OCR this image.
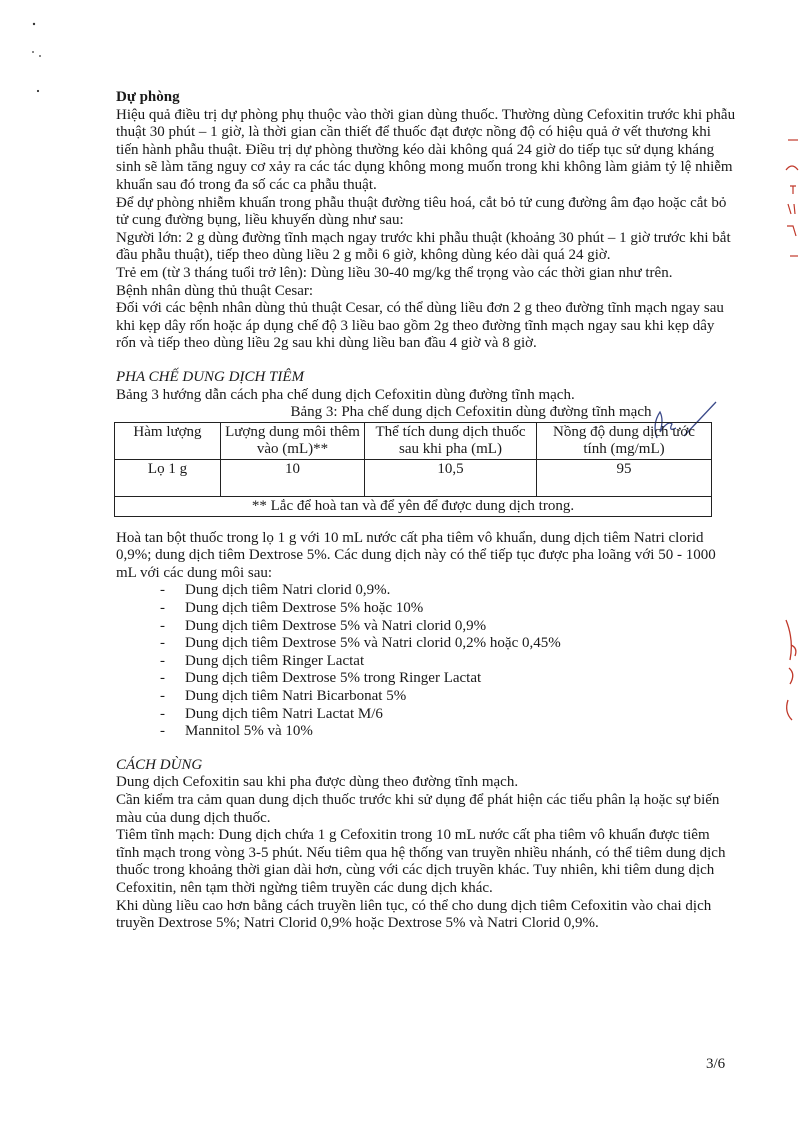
Dự phòng

Hiệu quả điều trị dự phòng phụ thuộc vào thời gian dùng thuốc. Thường dùng Cefoxitin trước khi phẫu thuật 30 phút – 1 giờ, là thời gian cần thiết để thuốc đạt được nồng độ có hiệu quả ở vết thương khi tiến hành phẫu thuật. Điều trị dự phòng thường kéo dài không quá 24 giờ do tiếp tục sử dụng kháng sinh sẽ làm tăng nguy cơ xảy ra các tác dụng không mong muốn trong khi không làm giảm tỷ lệ nhiễm khuẩn sau đó trong đa số các ca phẫu thuật.

Để dự phòng nhiễm khuẩn trong phẫu thuật đường tiêu hoá, cắt bỏ tử cung đường âm đạo hoặc cắt bỏ tử cung đường bụng, liều khuyến dùng như sau:

Người lớn: 2 g dùng đường tĩnh mạch ngay trước khi phẫu thuật (khoảng 30 phút – 1 giờ trước khi bắt đầu phẫu thuật), tiếp theo dùng liều 2 g mỗi 6 giờ, không dùng kéo dài quá 24 giờ.

Trẻ em (từ 3 tháng tuổi trở lên): Dùng liều 30-40 mg/kg thể trọng vào các thời gian như trên.

Bệnh nhân dùng thủ thuật Cesar:

Đối với các bệnh nhân dùng thủ thuật Cesar, có thể dùng liều đơn 2 g theo đường tĩnh mạch ngay sau khi kẹp dây rốn hoặc áp dụng chế độ 3 liều bao gồm 2g theo đường tĩnh mạch ngay sau khi kẹp dây rốn và tiếp theo dùng liều 2g sau khi dùng liều ban đầu 4 giờ và 8 giờ.

PHA CHẾ DUNG DỊCH TIÊM

Bảng 3 hướng dẫn cách pha chế dung dịch Cefoxitin dùng đường tĩnh mạch.

Bảng 3: Pha chế dung dịch Cefoxitin dùng đường tĩnh mạch

Hàm lượng	Lượng dung môi thêm vào (mL)**	Thể tích dung dịch thuốc sau khi pha (mL)	Nồng độ dung dịch ước tính (mg/mL)
Lọ 1 g	10	10,5	95
** Lắc để hoà tan và để yên để được dung dịch trong.			

Hoà tan bột thuốc trong lọ 1 g với 10 mL nước cất pha tiêm vô khuẩn, dung dịch tiêm Natri clorid 0,9%; dung dịch tiêm Dextrose 5%. Các dung dịch này có thể tiếp tục được pha loãng với 50 - 1000 mL với các dung môi sau:

- Dung dịch tiêm Natri clorid 0,9%.
- Dung dịch tiêm Dextrose 5% hoặc 10%
- Dung dịch tiêm Dextrose 5% và Natri clorid 0,9%
- Dung dịch tiêm Dextrose 5% và Natri clorid 0,2% hoặc 0,45%
- Dung dịch tiêm Ringer Lactat
- Dung dịch tiêm Dextrose 5% trong Ringer Lactat
- Dung dịch tiêm Natri Bicarbonat 5%
- Dung dịch tiêm Natri Lactat M/6
- Mannitol 5% và 10%

CÁCH DÙNG

Dung dịch Cefoxitin sau khi pha được dùng theo đường tĩnh mạch.

Cần kiểm tra cảm quan dung dịch thuốc trước khi sử dụng để phát hiện các tiểu phân lạ hoặc sự biến màu của dung dịch thuốc.

Tiêm tĩnh mạch: Dung dịch chứa 1 g Cefoxitin trong 10 mL nước cất pha tiêm vô khuẩn được tiêm tĩnh mạch trong vòng 3-5 phút. Nếu tiêm qua hệ thống van truyền nhiều nhánh, có thể tiêm dung dịch thuốc trong khoảng thời gian dài hơn, cùng với các dịch truyền khác. Tuy nhiên, khi tiêm dung dịch Cefoxitin, nên tạm thời ngừng tiêm truyền các dung dịch khác.

Khi dùng liều cao hơn bằng cách truyền liên tục, có thể cho dung dịch tiêm Cefoxitin vào chai dịch truyền Dextrose 5%; Natri Clorid 0,9% hoặc Dextrose 5% và Natri Clorid 0,9%.

3/6
